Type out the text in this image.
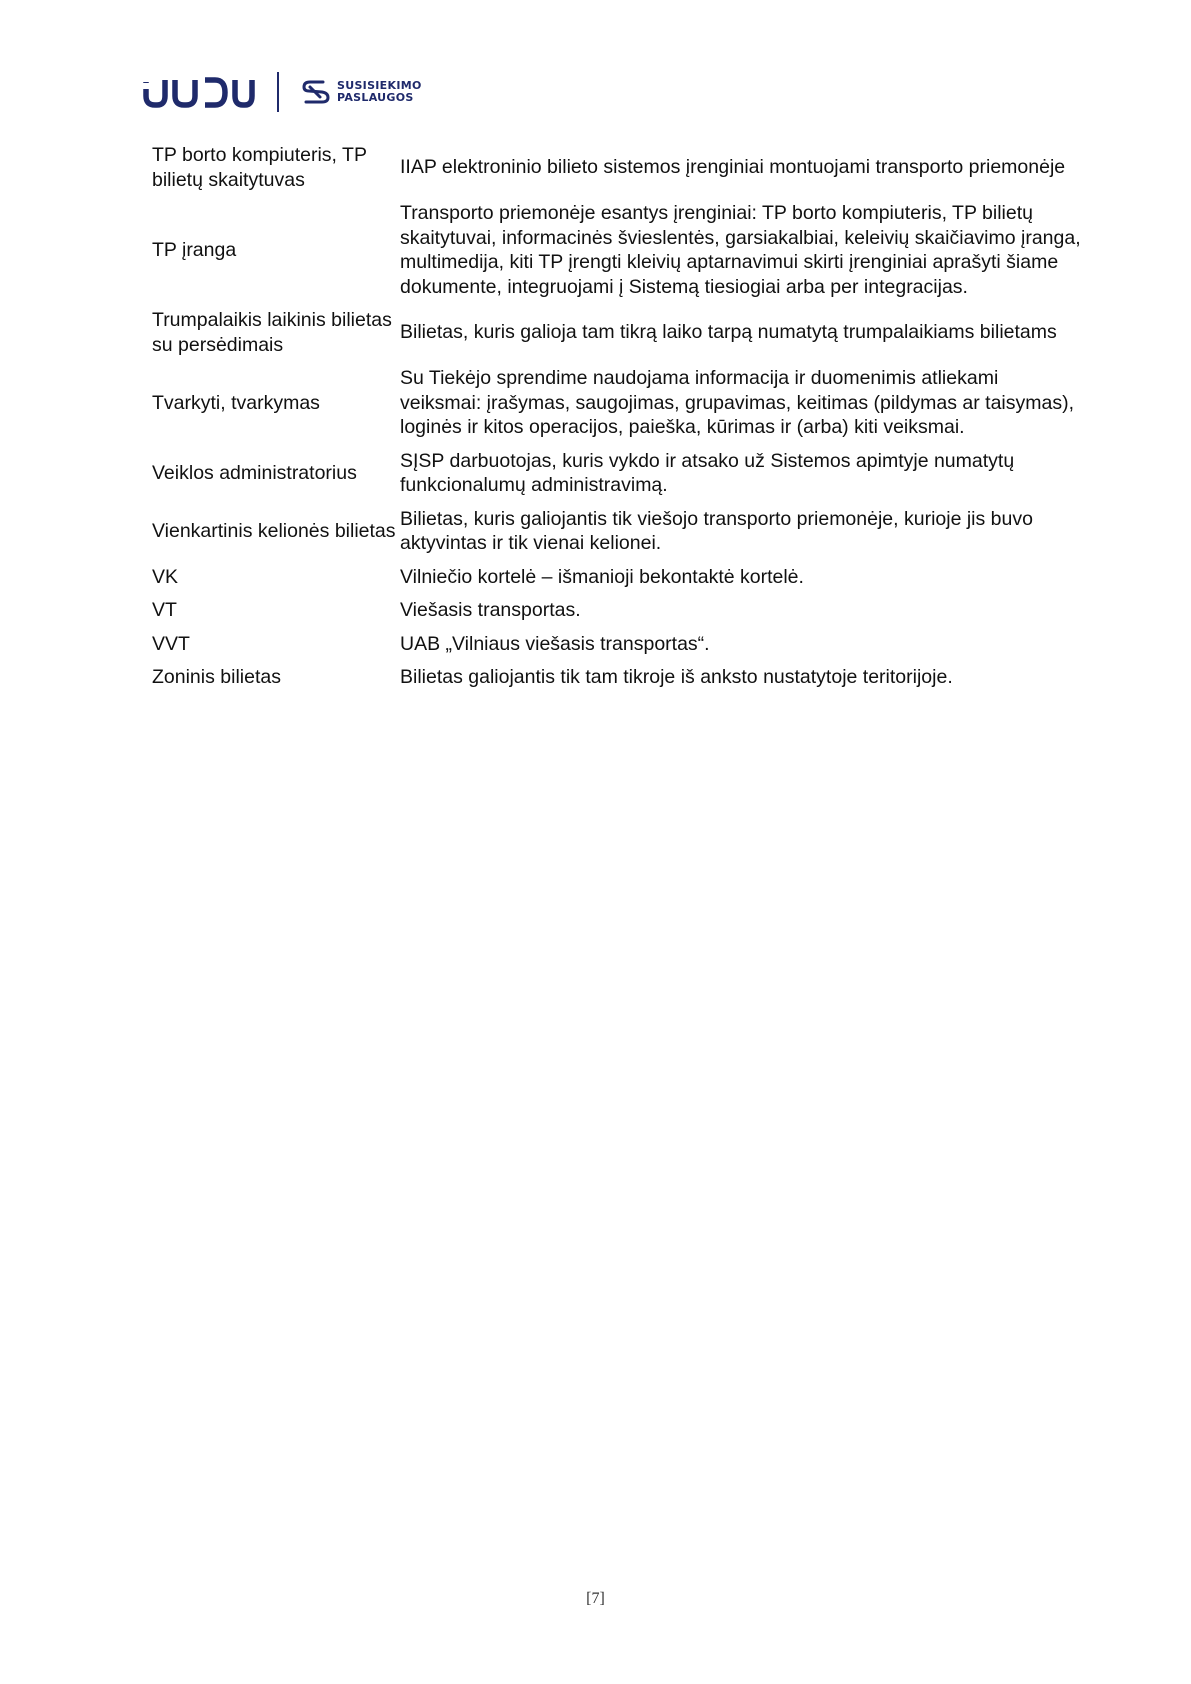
SUSISIEKIMO
PASLAUGOS
TP borto kompiuteris, TP bilietų skaitytuvas	IIAP elektroninio bilieto sistemos įrenginiai montuojami transporto priemonėje
TP įranga	Transporto priemonėje esantys įrenginiai: TP borto kompiuteris, TP bilietų skaitytuvai, informacinės švieslentės, garsiakalbiai, keleivių skaičiavimo įranga, multimedija, kiti TP įrengti kleivių aptarnavimui skirti įrenginiai aprašyti šiame dokumente, integruojami į Sistemą tiesiogiai arba per integracijas.
Trumpalaikis laikinis bilietas su persėdimais	Bilietas, kuris galioja tam tikrą laiko tarpą numatytą trumpalaikiams bilietams
Tvarkyti, tvarkymas	Su Tiekėjo sprendime naudojama informacija ir duomenimis atliekami veiksmai: įrašymas, saugojimas, grupavimas, keitimas (pildymas ar taisymas), loginės ir kitos operacijos, paieška, kūrimas ir (arba) kiti veiksmai.
Veiklos administratorius	SĮSP darbuotojas, kuris vykdo ir atsako už Sistemos apimtyje numatytų funkcionalumų administravimą.
Vienkartinis kelionės bilietas	Bilietas, kuris galiojantis tik viešojo transporto priemonėje, kurioje jis buvo aktyvintas ir tik vienai kelionei.
VK	Vilniečio kortelė – išmanioji bekontaktė kortelė.
VT	Viešasis transportas.
VVT	UAB „Vilniaus viešasis transportas“.
Zoninis bilietas	Bilietas galiojantis tik tam tikroje iš anksto nustatytoje teritorijoje.
[7]
